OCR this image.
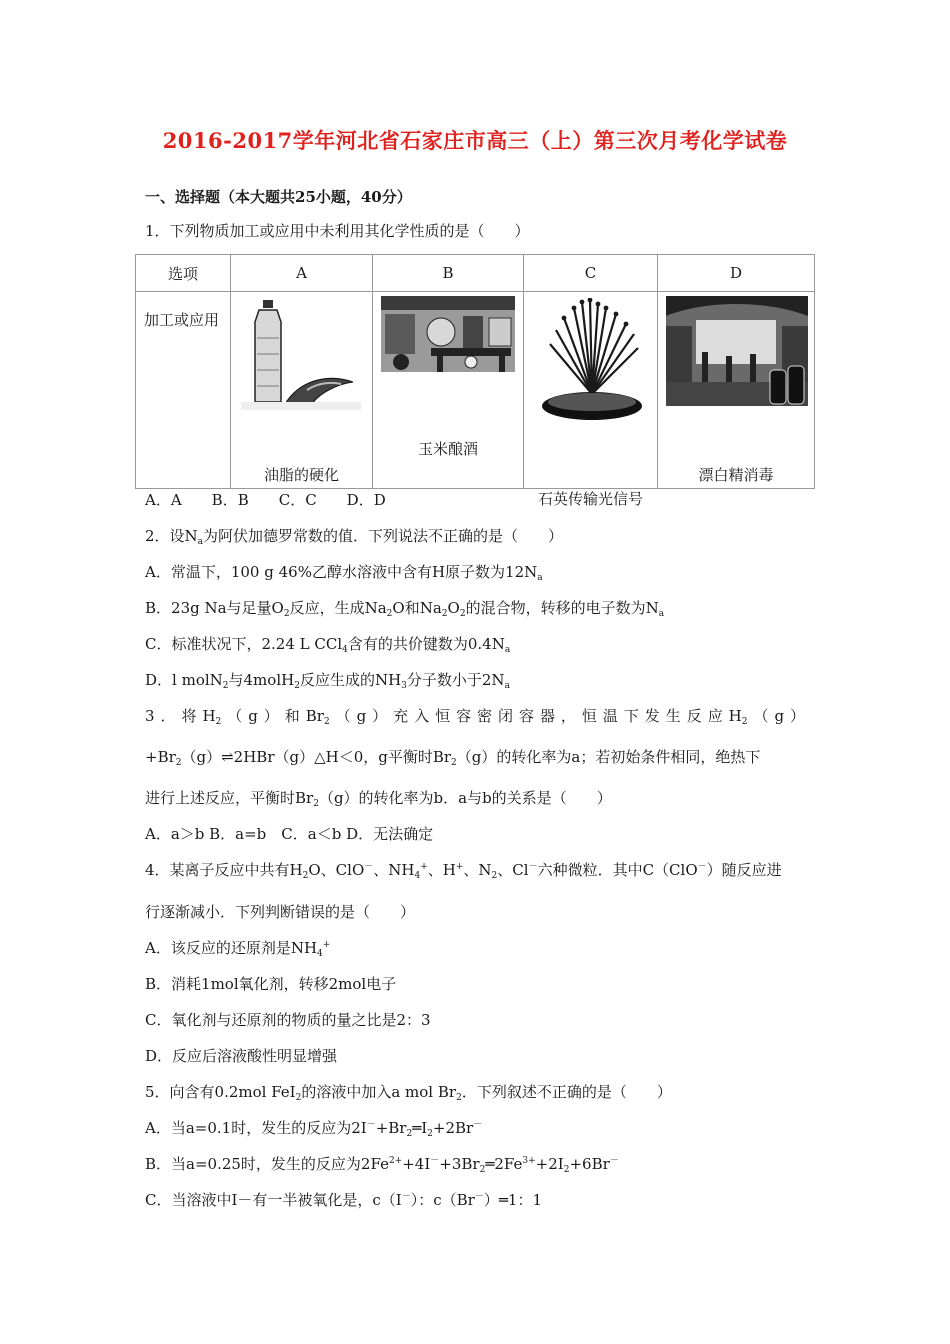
2016-2017学年河北省石家庄市高三（上）第三次月考化学试卷
一、选择题（本大题共25小题，40分）
1．下列物质加工或应用中未利用其化学性质的是（　　）
选项	A	B	C	D

加工或应用	油脂的硬化	玉米酿酒	石英传输光信号	漂白精消毒
A．A　　B．B　　C．C　　D．D
2．设$N_a$为阿伏加德罗常数的值．下列说法不正确的是（　　）
A．常温下，100 g 46%乙醇水溶液中含有H原子数为$12N_a$
B．23g Na与足量$O_2$反应，生成$Na_2O$和$Na_2O_2$的混合物，转移的电子数为$N_a$
C．标准状况下，2.24 L CCl$_4$含有的共价键数为$0.4N_a$
D．l molN$_2$与4molH$_2$反应生成的$NH_3$分子数小于$2N_a$
3．将$H_2(g)$和$Br_2(g)$充入恒容密闭容器，恒温下发生反应$H_2(g)$
$+Br_2(g)\rightleftharpoons 2HBr(g)\triangle H<0$，g平衡时$Br_2(g)$的转化率为a；若初始条件相同，绝热下
进行上述反应，平衡时$Br_2(g)$的转化率为b．a与b的关系是（　　）
A．a＞b B．a=b　C．a＜b D．无法确定
4．某离子反应中共有$H_2O$、ClO－、$NH_4^+$、H+、$N_2$、Cl－六种微粒．其中C（ClO－）随反应进
行逐渐减小．下列判断错误的是（　　）
A．该反应的还原剂是$NH_4^+$
B．消耗1mol氧化剂，转移2mol电子
C．氧化剂与还原剂的物质的量之比是2：3
D．反应后溶液酸性明显增强
5．向含有0.2mol FeI$_2$的溶液中加入a mol $Br_2$．下列叙述不正确的是（　　）
A．当a=0.1时，发生的反应为$2I^-+Br_2═I_2+2Br^-$
B．当a=0.25时，发生的反应为$2Fe^{2+}+4I^-+3Br_2═2Fe^{3+}+2I_2+6Br^-$
C．当溶液中I－有一半被氧化是，c（I－）：c（Br－）═1：1
